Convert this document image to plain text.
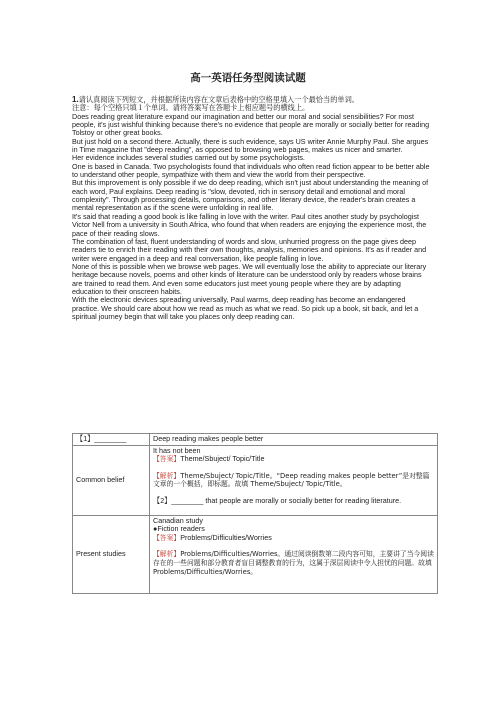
高一英语任务型阅读试题

1.请认真阅读下列短文，并根据所读内容在文章后表格中的空格里填入一个最恰当的单词。

注意：每个空格只填１个单词。请将答案写在答题卡上相应题号的横线上。

Does reading great literature expand our imagination and better our moral and social sensibilities? For most people, it's just wishful thinking because there's no evidence that people are morally or socially better for reading Tolstoy or other great books.

But just hold on a second there. Actually, there is such evidence, says US writer Annie Murphy Paul. She argues in Time magazine that "deep reading", as opposed to browsing web pages, makes us nicer and smarter.

Her evidence includes several studies carried out by some psychologists.

One is based in Canada. Two psychologists found that individuals who often read fiction appear to be better able to understand other people, sympathize with them and view the world from their perspective.

But this improvement is only possible if we do deep reading, which isn't just about understanding the meaning of each word, Paul explains. Deep reading is "slow, devoted, rich in sensory detail and emotional and moral complexity". Through processing details, comparisons, and other literary device, the reader's brain creates a mental representation as if the scene were unfolding in real life.

It's said that reading a good book is like falling in love with the writer. Paul cites another study by psychologist Victor Nell from a university in South Africa, who found that when readers are enjoying the experience most, the pace of their reading slows.

The combination of fast, fluent understanding of words and slow, unhurried progress on the page gives deep readers tie to enrich their reading with their own thoughts, analysis, memories and opinions. It's as if reader and writer were engaged in a deep and real conversation, like people falling in love.

None of this is possible when we browse web pages. We will eventually lose the ability to appreciate our literary heritage because novels, poems and other kinds of literature can be understood only by readers whose brains are trained to read them. And even some educators just meet young people where they are by adapting education to their onscreen habits.

With the electronic devices spreading universally, Paul warms, deep reading has become an endangered practice. We should care about how we read as much as what we read. So pick up a book, sit back, and let a spiritual journey begin that will take you places only deep reading can.

【1】________	Deep reading makes people better
Common belief	It has not been
【答案】Theme/Sbuject/ Topic/Title
【解析】Theme/Sbuject/ Topic/Title。“Deep reading makes people better”是对整篇文章的一个概括，即标题。故填 Theme/Sbuject/ Topic/Title。
【2】________ that people are morally or socially better for reading literature.

Present studies	Canadian study
●Fiction readers
【答案】Problems/Difficulties/Worries
【解析】Problems/Difficulties/Worries。通过阅读倒数第二段内容可知，主要讲了当今阅读存在的一些问题和部分教育者盲目调整教育的行为，这属于深层阅读中令人担忧的问题。故填 Problems/Difficulties/Worries。
